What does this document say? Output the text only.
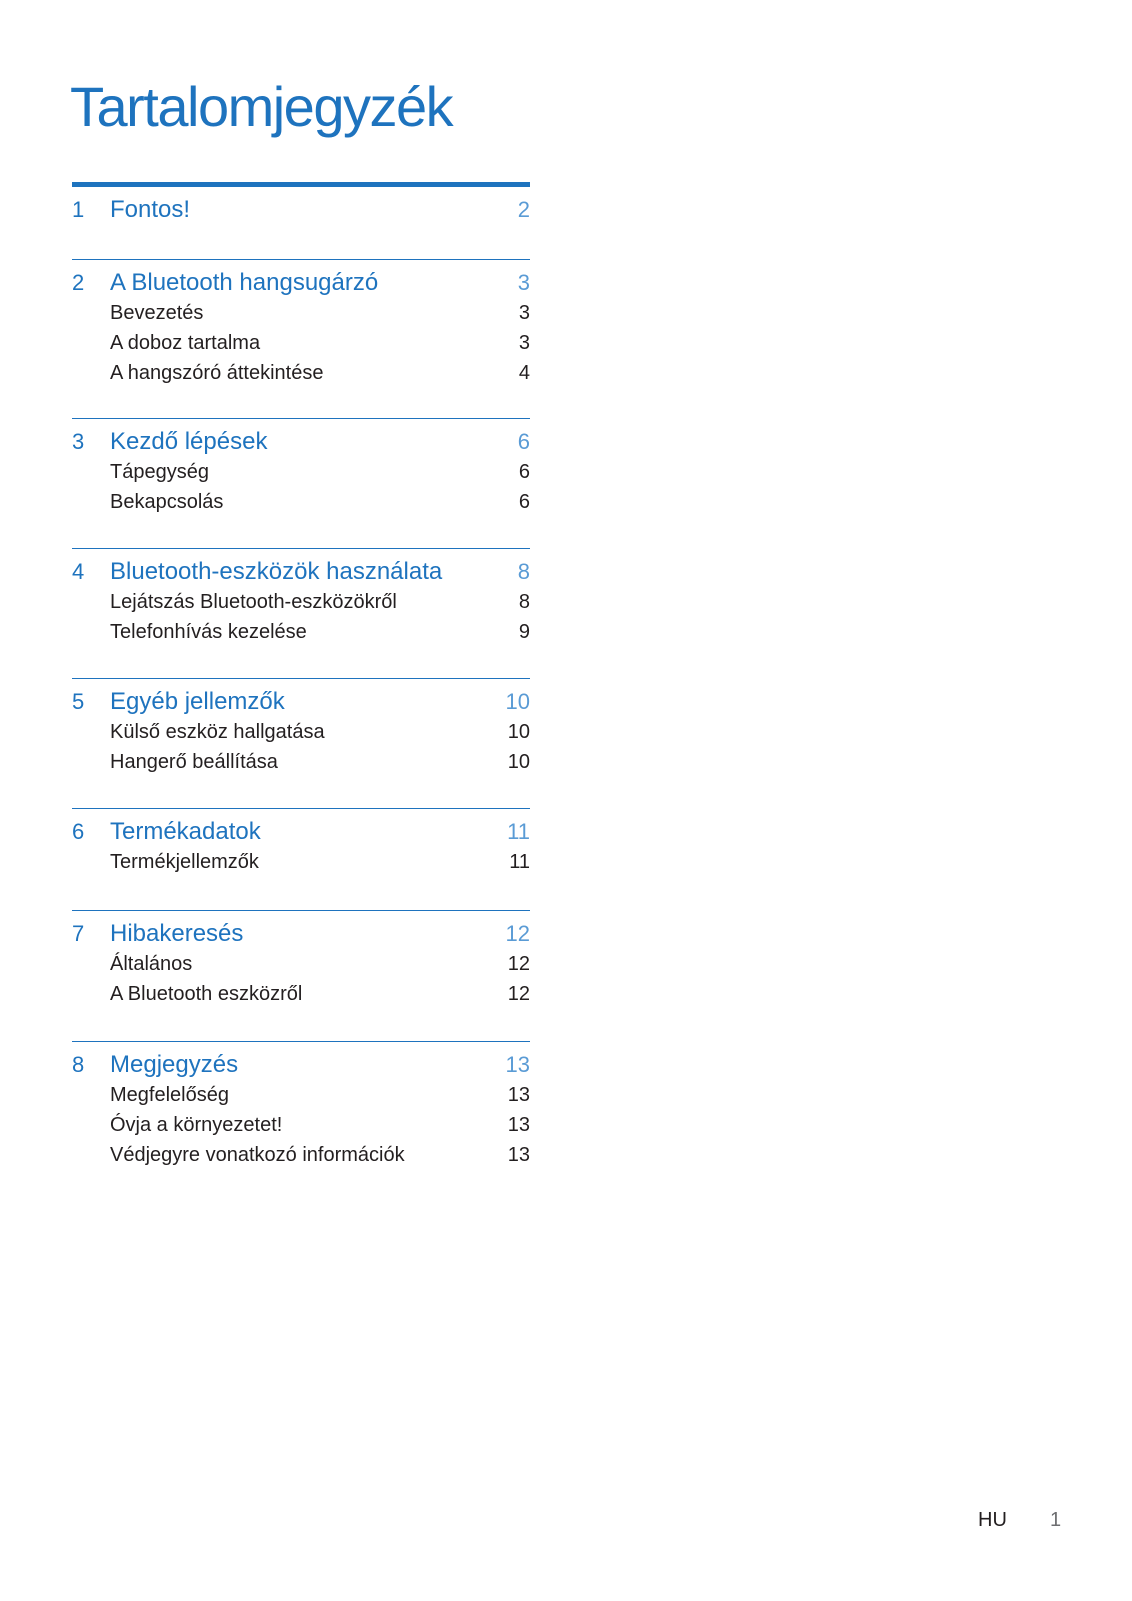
Tartalomjegyzék
1 Fontos!	2
2 A Bluetooth hangsugárzó	3
Bevezetés	3
A doboz tartalma	3
A hangszóró áttekintése	4
3 Kezdő lépések	6
Tápegység	6
Bekapcsolás	6
4 Bluetooth-eszközök használata	8
Lejátszás Bluetooth-eszközökről	8
Telefonhívás kezelése	9
5 Egyéb jellemzők	10
Külső eszköz hallgatása	10
Hangerő beállítása	10
6 Termékadatok	11
Termékjellemzők	11
7 Hibakeresés	12
Általános	12
A Bluetooth eszközről	12
8 Megjegyzés	13
Megfelelőség	13
Óvja a környezetet!	13
Védjegyre vonatkozó információk	13
HU 1
